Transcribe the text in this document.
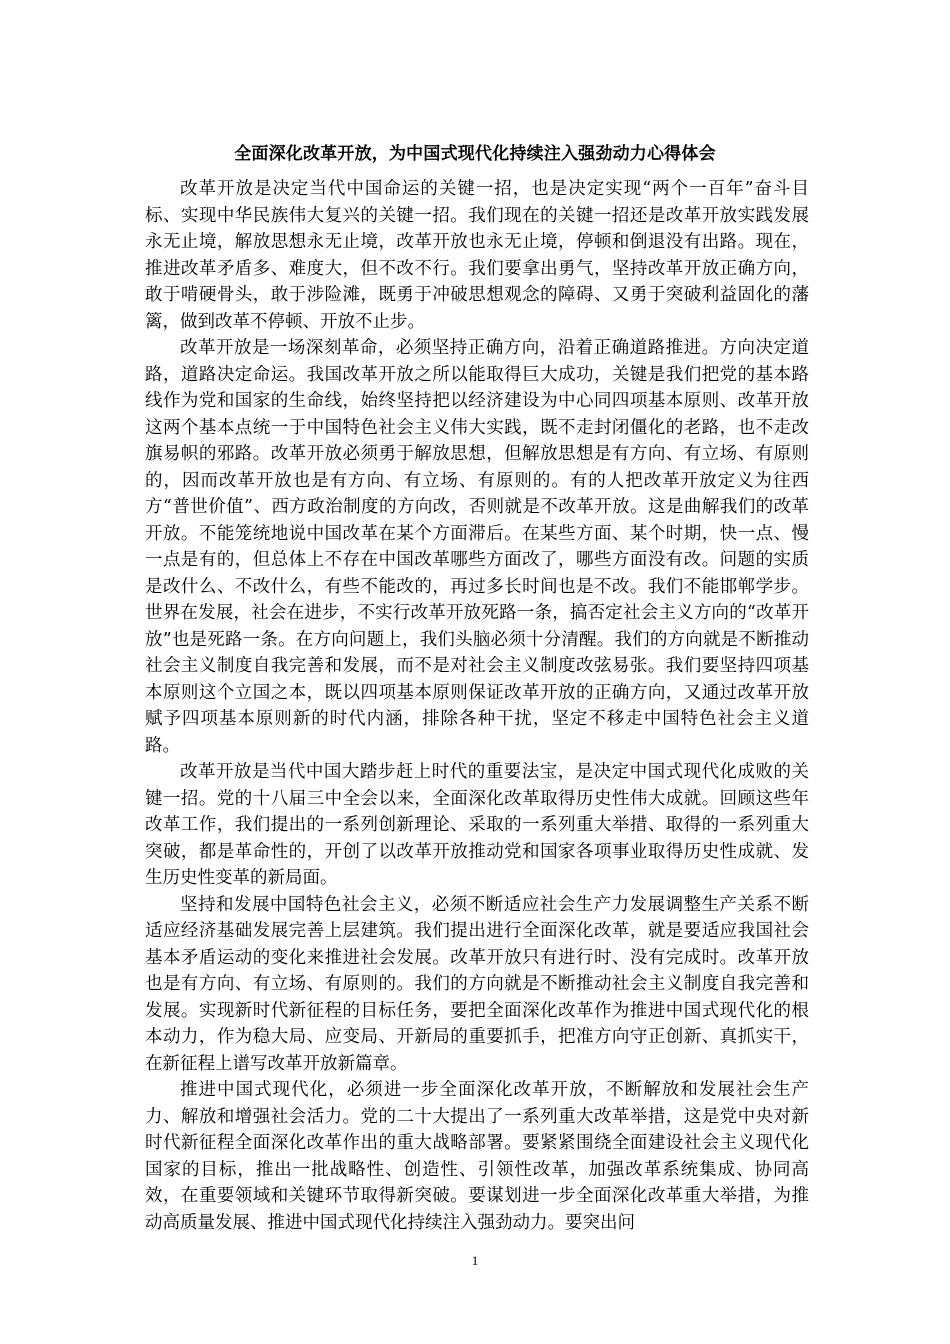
全面深化改革开放，为中国式现代化持续注入强劲动力心得体会

改革开放是决定当代中国命运的关键一招，也是决定实现“两个一百年”奋斗目标、实现中华民族伟大复兴的关键一招。我们现在的关键一招还是改革开放实践发展永无止境，解放思想永无止境，改革开放也永无止境，停顿和倒退没有出路。现在，推进改革矛盾多、难度大，但不改不行。我们要拿出勇气，坚持改革开放正确方向，敢于啃硬骨头，敢于涉险滩，既勇于冲破思想观念的障碍、又勇于突破利益固化的藩篱，做到改革不停顿、开放不止步。

改革开放是一场深刻革命，必须坚持正确方向，沿着正确道路推进。方向决定道路，道路决定命运。我国改革开放之所以能取得巨大成功，关键是我们把党的基本路线作为党和国家的生命线，始终坚持把以经济建设为中心同四项基本原则、改革开放这两个基本点统一于中国特色社会主义伟大实践，既不走封闭僵化的老路，也不走改旗易帜的邪路。改革开放必须勇于解放思想，但解放思想是有方向、有立场、有原则的，因而改革开放也是有方向、有立场、有原则的。有的人把改革开放定义为往西方“普世价值”、西方政治制度的方向改，否则就是不改革开放。这是曲解我们的改革开放。不能笼统地说中国改革在某个方面滞后。在某些方面、某个时期，快一点、慢一点是有的，但总体上不存在中国改革哪些方面改了，哪些方面没有改。问题的实质是改什么、不改什么，有些不能改的，再过多长时间也是不改。我们不能邯郸学步。世界在发展，社会在进步，不实行改革开放死路一条，搞否定社会主义方向的“改革开放”也是死路一条。在方向问题上，我们头脑必须十分清醒。我们的方向就是不断推动社会主义制度自我完善和发展，而不是对社会主义制度改弦易张。我们要坚持四项基本原则这个立国之本，既以四项基本原则保证改革开放的正确方向，又通过改革开放赋予四项基本原则新的时代内涵，排除各种干扰，坚定不移走中国特色社会主义道路。

改革开放是当代中国大踏步赶上时代的重要法宝，是决定中国式现代化成败的关键一招。党的十八届三中全会以来，全面深化改革取得历史性伟大成就。回顾这些年改革工作，我们提出的一系列创新理论、采取的一系列重大举措、取得的一系列重大突破，都是革命性的，开创了以改革开放推动党和国家各项事业取得历史性成就、发生历史性变革的新局面。

坚持和发展中国特色社会主义，必须不断适应社会生产力发展调整生产关系不断适应经济基础发展完善上层建筑。我们提出进行全面深化改革，就是要适应我国社会基本矛盾运动的变化来推进社会发展。改革开放只有进行时、没有完成时。改革开放也是有方向、有立场、有原则的。我们的方向就是不断推动社会主义制度自我完善和发展。实现新时代新征程的目标任务，要把全面深化改革作为推进中国式现代化的根本动力，作为稳大局、应变局、开新局的重要抓手，把准方向守正创新、真抓实干，在新征程上谱写改革开放新篇章。

推进中国式现代化，必须进一步全面深化改革开放，不断解放和发展社会生产力、解放和增强社会活力。党的二十大提出了一系列重大改革举措，这是党中央对新时代新征程全面深化改革作出的重大战略部署。要紧紧围绕全面建设社会主义现代化国家的目标，推出一批战略性、创造性、引领性改革，加强改革系统集成、协同高效，在重要领域和关键环节取得新突破。要谋划进一步全面深化改革重大举措，为推动高质量发展、推进中国式现代化持续注入强劲动力。要突出问

1
